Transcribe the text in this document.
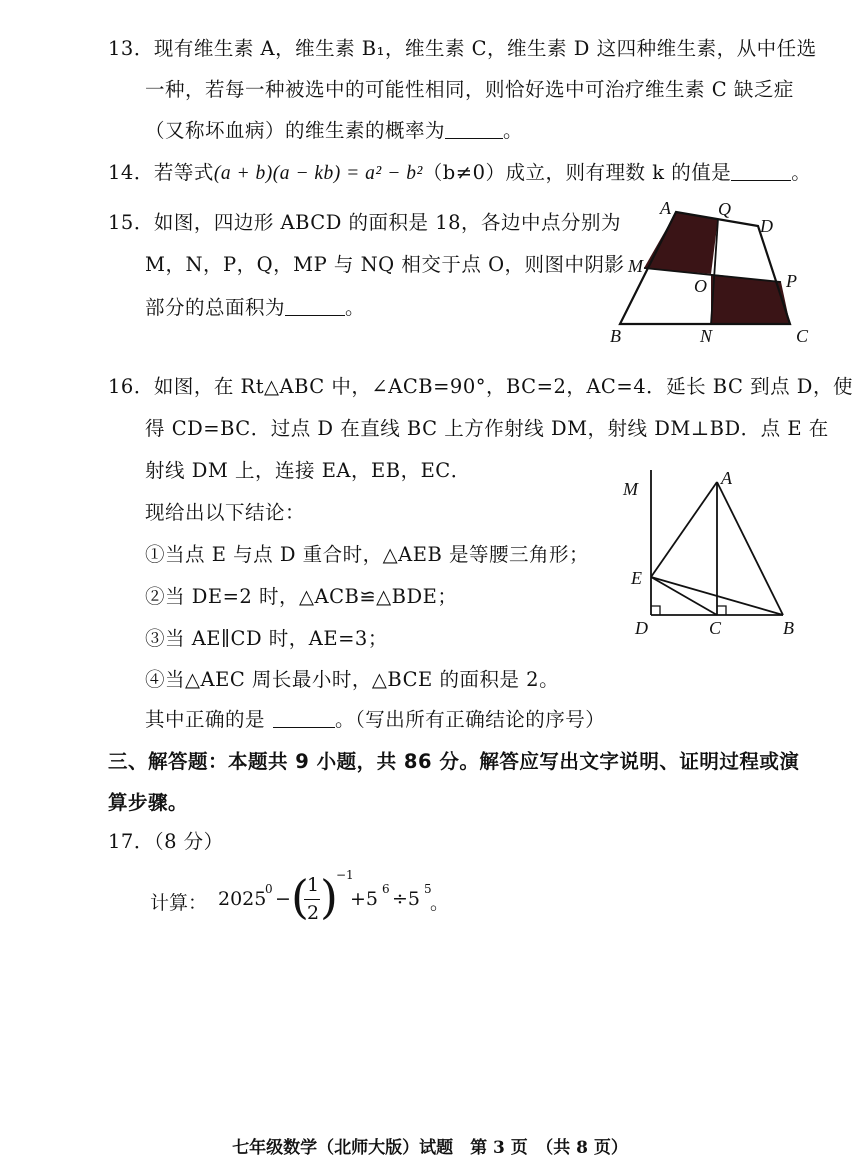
13．现有维生素 A，维生素 B₁，维生素 C，维生素 D 这四种维生素，从中任选
一种，若每一种被选中的可能性相同，则恰好选中可治疗维生素 C 缺乏症
（又称坏血病）的维生素的概率为	。
14．若等式(a + b)(a − kb) = a² − b²（b≠0）成立，则有理数 k 的值是	。
15．如图，四边形 ABCD 的面积是 18，各边中点分别为
M，N，P，Q，MP 与 NQ 相交于点 O，则图中阴影
部分的总面积为	。
A	Q
D
M
O	P
B	N	C
16．如图，在 Rt△ABC 中，∠ACB=90°，BC=2，AC=4．延长 BC 到点 D，使
得 CD=BC．过点 D 在直线 BC 上方作射线 DM，射线 DM⊥BD．点 E 在
射线 DM 上，连接 EA，EB，EC．
现给出以下结论：
①当点 E 与点 D 重合时，△AEB 是等腰三角形；
②当 DE=2 时，△ACB≌△BDE；
③当 AE∥CD 时，AE=3；
④当△AEC 周长最小时，△BCE 的面积是 2。
其中正确的是	。（写出所有正确结论的序号）
M
A
E
D	C	B
三、解答题：本题共 9 小题，共 86 分。解答应写出文字说明、证明过程或演
算步骤。
17．（8 分）
计算： 2025
0 − (
1
2 )
−1
+5 6 ÷5 5
。
七年级数学（北师大版）试题　第 3 页　（共 8 页）
